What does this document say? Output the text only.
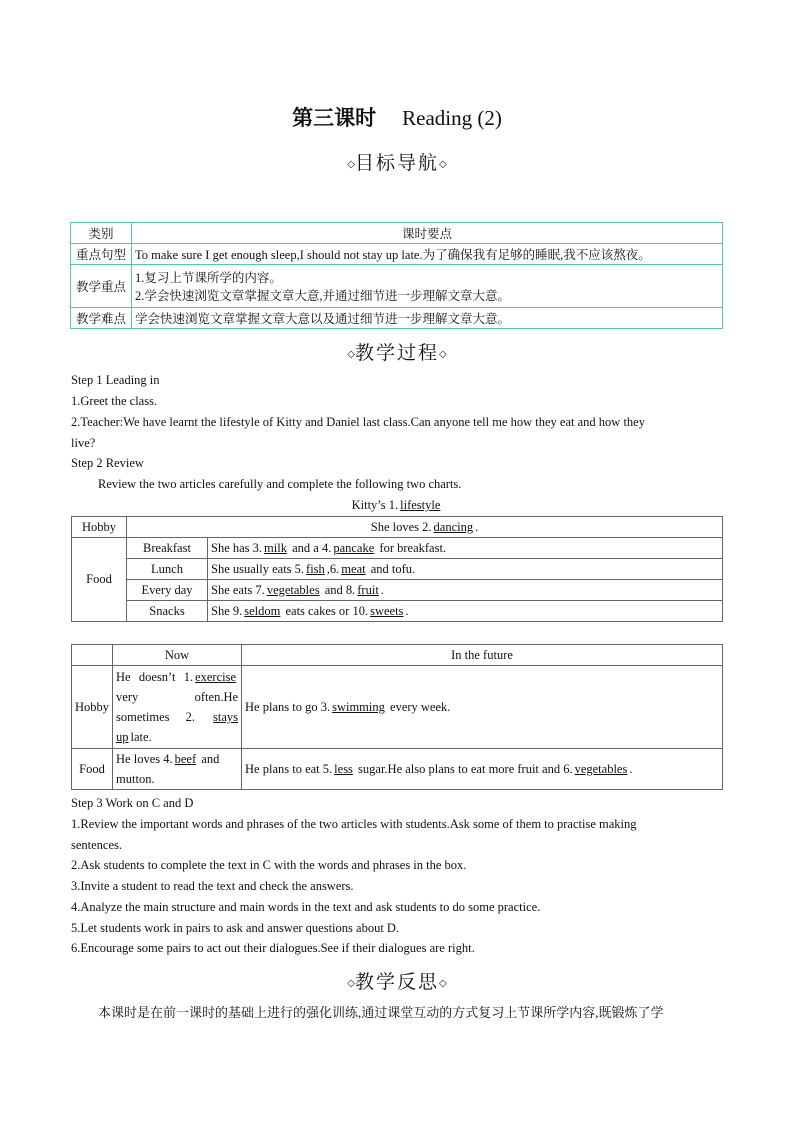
第三课时 Reading (2)
◇目标导航◇
类别	课时要点
重点句型	To make sure I get enough sleep,I should not stay up late.为了确保我有足够的睡眠,我不应该熬夜。
教学重点	1.复习上节课所学的内容。
2.学会快速浏览文章掌握文章大意,并通过细节进一步理解文章大意。

教学难点	学会快速浏览文章掌握文章大意以及通过细节进一步理解文章大意。
◇教学过程◇
Step 1 Leading in
1.Greet the class.
2.Teacher:We have learnt the lifestyle of Kitty and Daniel last class.Can anyone tell me how they eat and how they
live?
Step 2 Review
Review the two articles carefully and complete the following two charts.
Kitty’s 1. lifestyle
Hobby	She loves 2. dancing .	
Food	Breakfast	She has 3. milk and a 4. pancake for breakfast.
	Lunch	She usually eats 5. fish ,6. meat and tofu.
	Every day	She eats 7. vegetables and 8. fruit .
	Snacks	She 9. seldom eats cakes or 10. sweets .
	Now	In the future
Hobby	He doesn’t 1. exercise very often.He sometimes 2. stays up late.	He plans to go 3. swimming every week.
Food	He loves 4. beef and mutton.	He plans to eat 5. less sugar.He also plans to eat more fruit and 6. vegetables .
Step 3 Work on C and D
1.Review the important words and phrases of the two articles with students.Ask some of them to practise making
sentences.
2.Ask students to complete the text in C with the words and phrases in the box.
3.Invite a student to read the text and check the answers.
4.Analyze the main structure and main words in the text and ask students to do some practice.
5.Let students work in pairs to ask and answer questions about D.
6.Encourage some pairs to act out their dialogues.See if their dialogues are right.
◇教学反思◇
本课时是在前一课时的基础上进行的强化训练,通过课堂互动的方式复习上节课所学内容,既锻炼了学
